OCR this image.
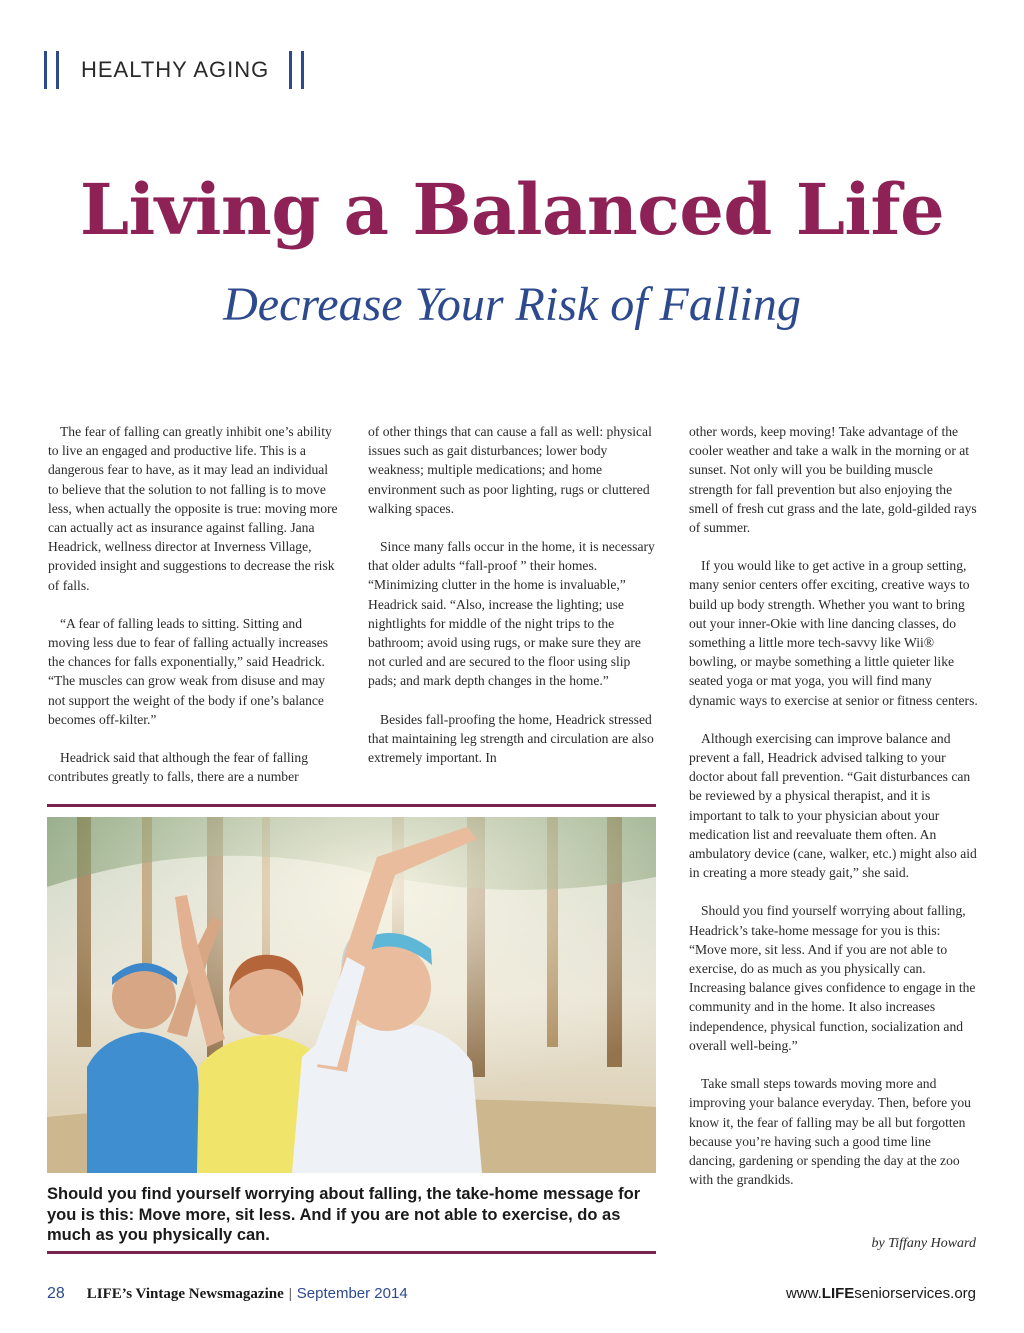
HEALTHY AGING
Living a Balanced Life
Decrease Your Risk of Falling

The fear of falling can greatly inhibit one’s ability to live an engaged and productive life. This is a dangerous fear to have, as it may lead an individual to believe that the solution to not falling is to move less, when actually the opposite is true: moving more can actually act as insurance against falling. Jana Headrick, wellness director at Inverness Village, provided insight and suggestions to decrease the risk of falls.

“A fear of falling leads to sitting. Sitting and moving less due to fear of falling actually increases the chances for falls exponentially,” said Headrick. “The muscles can grow weak from disuse and may not support the weight of the body if one’s balance becomes off-kilter.”

Headrick said that although the fear of falling contributes greatly to falls, there are a number

of other things that can cause a fall as well: physical issues such as gait disturbances; lower body weakness; multiple medications; and home environment such as poor lighting, rugs or cluttered walking spaces.

Since many falls occur in the home, it is necessary that older adults “fall-proof ” their homes. “Minimizing clutter in the home is invaluable,” Headrick said. “Also, increase the lighting; use nightlights for middle of the night trips to the bathroom; avoid using rugs, or make sure they are not curled and are secured to the floor using slip pads; and mark depth changes in the home.”

Besides fall-proofing the home, Headrick stressed that maintaining leg strength and circulation are also extremely important. In

other words, keep moving! Take advantage of the cooler weather and take a walk in the morning or at sunset. Not only will you be building muscle strength for fall prevention but also enjoying the smell of fresh cut grass and the late, gold-gilded rays of summer.

If you would like to get active in a group setting, many senior centers offer exciting, creative ways to build up body strength. Whether you want to bring out your inner-Okie with line dancing classes, do something a little more tech-savvy like Wii® bowling, or maybe something a little quieter like seated yoga or mat yoga, you will find many dynamic ways to exercise at senior or fitness centers.

Although exercising can improve balance and prevent a fall, Headrick advised talking to your doctor about fall prevention. “Gait disturbances can be reviewed by a physical therapist, and it is important to talk to your physician about your medication list and reevaluate them often. An ambulatory device (cane, walker, etc.) might also aid in creating a more steady gait,” she said.

Should you find yourself worrying about falling, Headrick’s take-home message for you is this: “Move more, sit less. And if you are not able to exercise, do as much as you physically can. Increasing balance gives confidence to engage in the community and in the home. It also increases independence, physical function, socialization and overall well-being.”

Take small steps towards moving more and improving your balance everyday. Then, before you know it, the fear of falling may be all but forgotten because you’re having such a good time line dancing, gardening or spending the day at the zoo with the grandkids.

Should you find yourself worrying about falling, the take-home message for you is this: Move more, sit less. And if you are not able to exercise, do as much as you physically can.	by Tiffany Howard
28 LIFE’s Vintage Newsmagazine | September 2014	www.LIFEseniorservices.org
